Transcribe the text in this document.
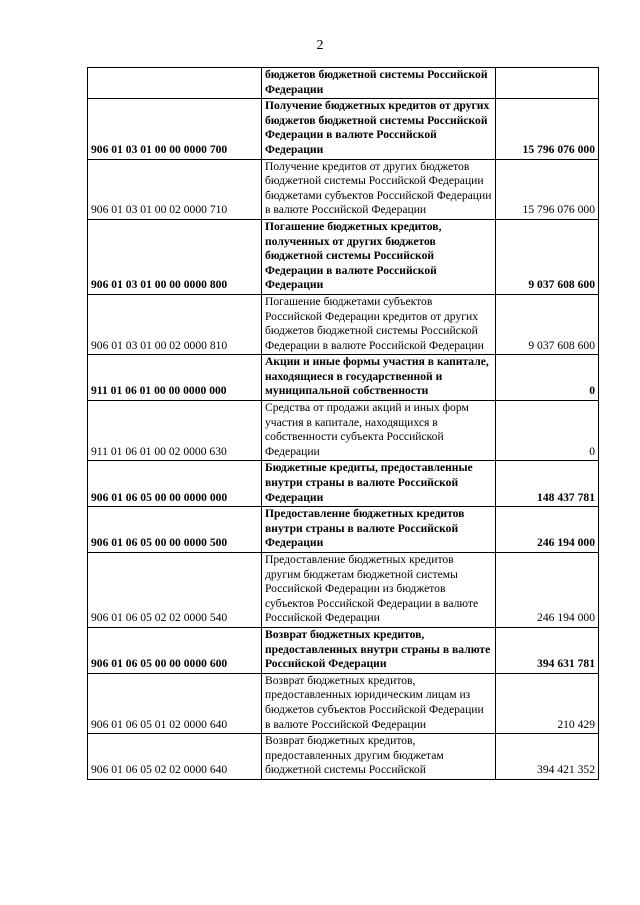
2
	бюджетов бюджетной системы Российской Федерации	
906 01 03 01 00 00 0000 700	Получение бюджетных кредитов от других бюджетов бюджетной системы Российской Федерации в валюте Российской Федерации	15 796 076 000
906 01 03 01 00 02 0000 710	Получение кредитов от других бюджетов бюджетной системы Российской Федерации бюджетами субъектов Российской Федерации в валюте Российской Федерации	15 796 076 000
906 01 03 01 00 00 0000 800	Погашение бюджетных кредитов, полученных от других бюджетов бюджетной системы Российской Федерации в валюте Российской Федерации	9 037 608 600
906 01 03 01 00 02 0000 810	Погашение бюджетами субъектов Российской Федерации кредитов от других бюджетов бюджетной системы Российской Федерации в валюте Российской Федерации	9 037 608 600
911 01 06 01 00 00 0000 000	Акции и иные формы участия в капитале, находящиеся в государственной и муниципальной собственности	0
911 01 06 01 00 02 0000 630	Средства от продажи акций и иных форм участия в капитале, находящихся в собственности субъекта Российской Федерации	0
906 01 06 05 00 00 0000 000	Бюджетные кредиты, предоставленные внутри страны в валюте Российской Федерации	148 437 781
906 01 06 05 00 00 0000 500	Предоставление бюджетных кредитов внутри страны в валюте Российской Федерации	246 194 000
906 01 06 05 02 02 0000 540	Предоставление бюджетных кредитов другим бюджетам бюджетной системы Российской Федерации из бюджетов субъектов Российской Федерации в валюте Российской Федерации	246 194 000
906 01 06 05 00 00 0000 600	Возврат бюджетных кредитов, предоставленных внутри страны в валюте Российской Федерации	394 631 781
906 01 06 05 01 02 0000 640	Возврат бюджетных кредитов, предоставленных юридическим лицам из бюджетов субъектов Российской Федерации в валюте Российской Федерации	210 429
906 01 06 05 02 02 0000 640	Возврат бюджетных кредитов, предоставленных другим бюджетам бюджетной системы Российской	394 421 352
